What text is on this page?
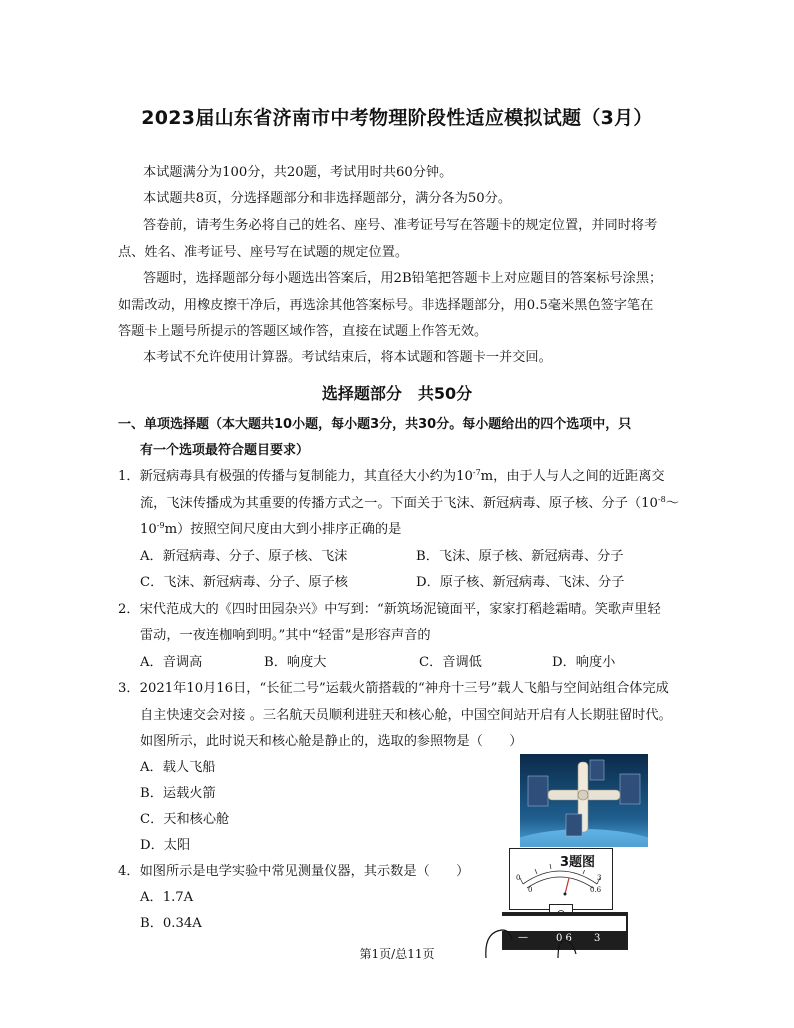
2023届山东省济南市中考物理阶段性适应模拟试题（3月）
本试题满分为100分，共20题，考试用时共60分钟。
本试题共8页，分选择题部分和非选择题部分，满分各为50分。
答卷前，请考生务必将自己的姓名、座号、准考证号写在答题卡的规定位置，并同时将考
点、姓名、准考证号、座号写在试题的规定位置。
答题时，选择题部分每小题选出答案后，用2B铅笔把答题卡上对应题目的答案标号涂黑；
如需改动，用橡皮擦干净后，再选涂其他答案标号。非选择题部分，用0.5毫米黑色签字笔在
答题卡上题号所提示的答题区域作答，直接在试题上作答无效。
本考试不允许使用计算器。考试结束后，将本试题和答题卡一并交回。
选择题部分　共50分
一、单项选择题（本大题共10小题，每小题3分，共30分。每小题给出的四个选项中，只
有一个选项最符合题目要求）
1．新冠病毒具有极强的传播与复制能力，其直径大小约为$10^{-7}m$，由于人与人之间的近距离交
流，飞沫传播成为其重要的传播方式之一。下面关于飞沫、新冠病毒、原子核、分子（$10^{-8}\sim$
$10^{-9}m$）按照空间尺度由大到小排序正确的是
A．新冠病毒、分子、原子核、飞沫	B．飞沫、原子核、新冠病毒、分子
C．飞沫、新冠病毒、分子、原子核	D．原子核、新冠病毒、飞沫、分子
2．宋代范成大的《四时田园杂兴》中写到：“新筑场泥镜面平，家家打稻趁霜晴。笑歌声里轻
雷动，一夜连枷响到明。”其中“轻雷”是形容声音的
A．音调高	B．响度大	C．音调低	D．响度小
3．2021年10月16日，“长征二号”运载火箭搭载的“神舟十三号”载人飞船与空间站组合体完成
自主快速交会对接 。三名航天员顺利进驻天和核心舱，中国空间站开启有人长期驻留时代。
如图所示，此时说天和核心舱是静止的，选取的参照物是（　　）
A．载人飞船
B．运载火箭
C．天和核心舱
D．太阳
4．如图所示是电学实验中常见测量仪器，其示数是（　　）
A．1.7A
B．0.34A
3题图
0	3
0	0.6
—	0.6 3
第1页/总11页
